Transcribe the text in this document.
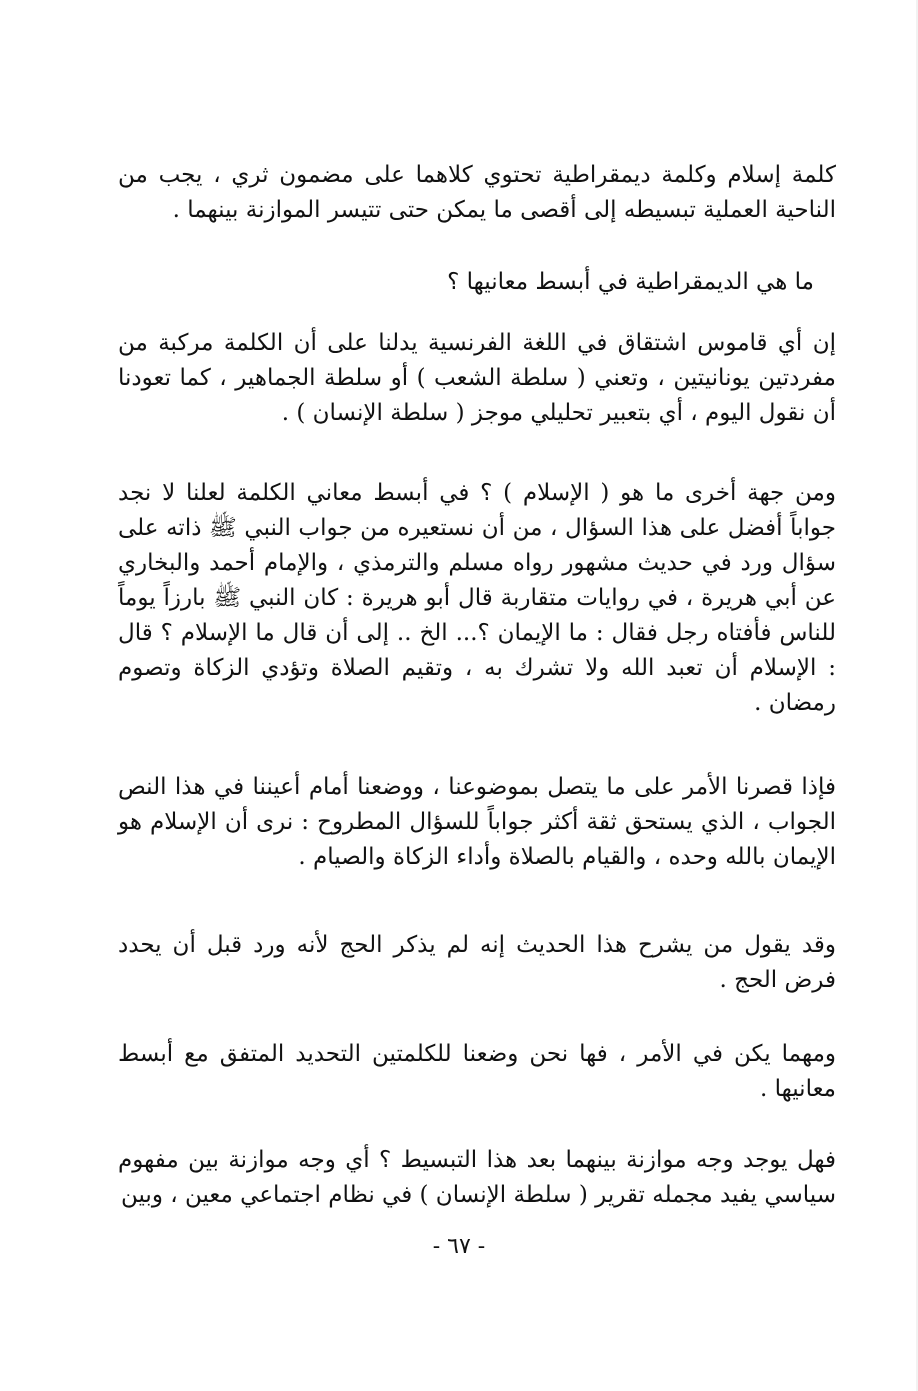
كلمة إسلام وكلمة ديمقراطية تحتوي كلاهما على مضمون ثري ، يجب من الناحية العملية تبسيطه إلى أقصى ما يمكن حتى تتيسر الموازنة بينهما .

ما هي الديمقراطية في أبسط معانيها ؟

إن أي قاموس اشتقاق في اللغة الفرنسية يدلنا على أن الكلمة مركبة من مفردتين يونانيتين ، وتعني ( سلطة الشعب ) أو سلطة الجماهير ، كما تعودنا أن نقول اليوم ، أي بتعبير تحليلي موجز ( سلطة الإنسان ) .

ومن جهة أخرى ما هو ( الإسلام ) ؟ في أبسط معاني الكلمة لعلنا لا نجد جواباً أفضل على هذا السؤال ، من أن نستعيره من جواب النبي ﷺ ذاته على سؤال ورد في حديث مشهور رواه مسلم والترمذي ، والإمام أحمد والبخاري عن أبي هريرة ، في روايات متقاربة قال أبو هريرة : كان النبي ﷺ بارزاً يوماً للناس فأفتاه رجل فقال : ما الإيمان ؟... الخ .. إلى أن قال ما الإسلام ؟ قال : الإسلام أن تعبد الله ولا تشرك به ، وتقيم الصلاة وتؤدي الزكاة وتصوم رمضان .

فإذا قصرنا الأمر على ما يتصل بموضوعنا ، ووضعنا أمام أعيننا في هذا النص الجواب ، الذي يستحق ثقة أكثر جواباً للسؤال المطروح : نرى أن الإسلام هو الإيمان بالله وحده ، والقيام بالصلاة وأداء الزكاة والصيام .

وقد يقول من يشرح هذا الحديث إنه لم يذكر الحج لأنه ورد قبل أن يحدد فرض الحج .

ومهما يكن في الأمر ، فها نحن وضعنا للكلمتين التحديد المتفق مع أبسط معانيها .

فهل يوجد وجه موازنة بينهما بعد هذا التبسيط ؟ أي وجه موازنة بين مفهوم سياسي يفيد مجمله تقرير ( سلطة الإنسان ) في نظام اجتماعي معين ، وبين

- ٦٧ -
